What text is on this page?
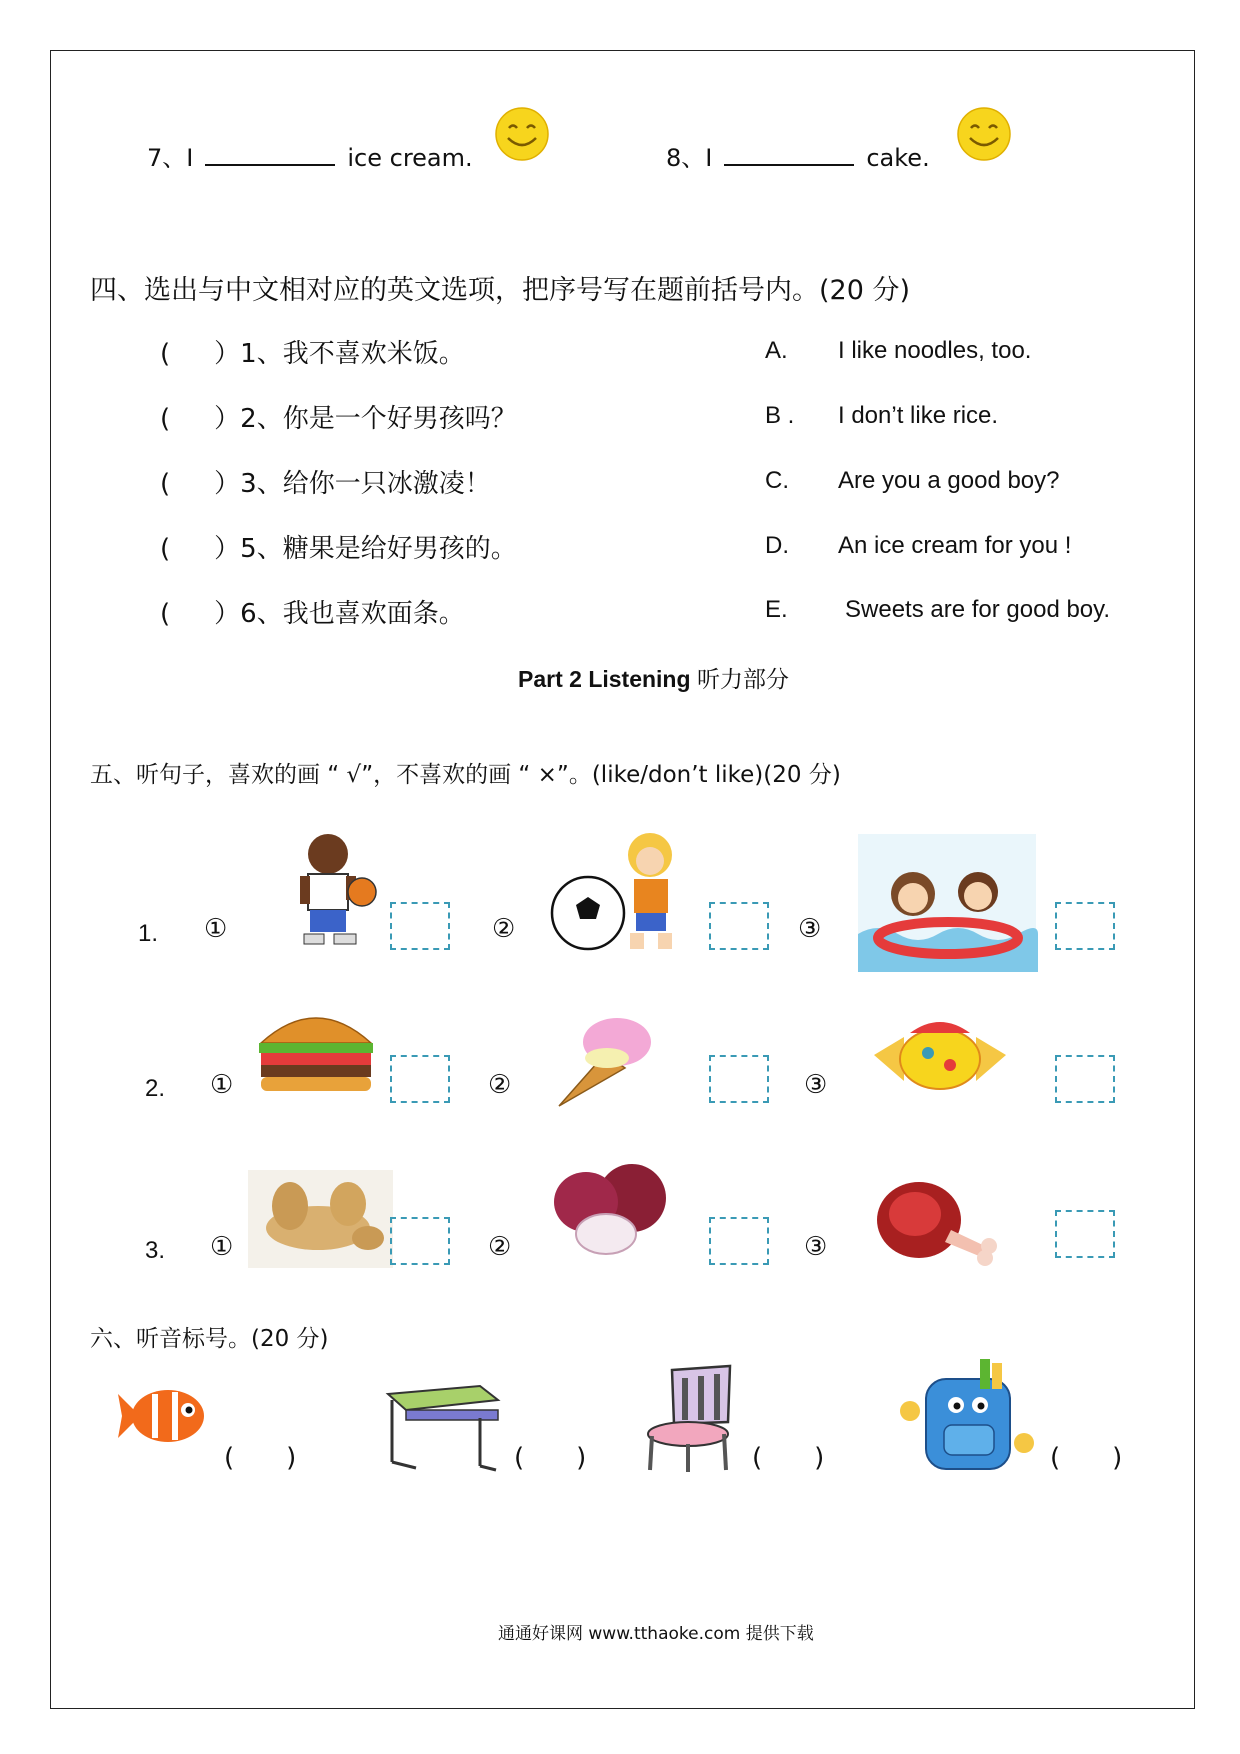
7、I	ice cream.	8、I	cake.
四、选出与中文相对应的英文选项，把序号写在题前括号内。(20 分)
( ）1、我不喜欢米饭。
( ）2、你是一个好男孩吗？
( ）3、给你一只冰激凌！
( ）5、糖果是给好男孩的。
( ）6、我也喜欢面条。
A. I like noodles, too.
B . I don’t like rice.
C. Are you a good boy?
D. An ice cream for you !
E. Sweets are for good boy.
Part 2 Listening 听力部分
五、听句子，喜欢的画 “ √”，不喜欢的画 “ ×”。(like/don’t like)(20 分)
1. ①	②	③
2. ①	②	③
3. ①	②	③
六、听音标号。(20 分)
(　　)	(　　)	(　　)	(　　)
通通好课网 www.tthaoke.com 提供下载
